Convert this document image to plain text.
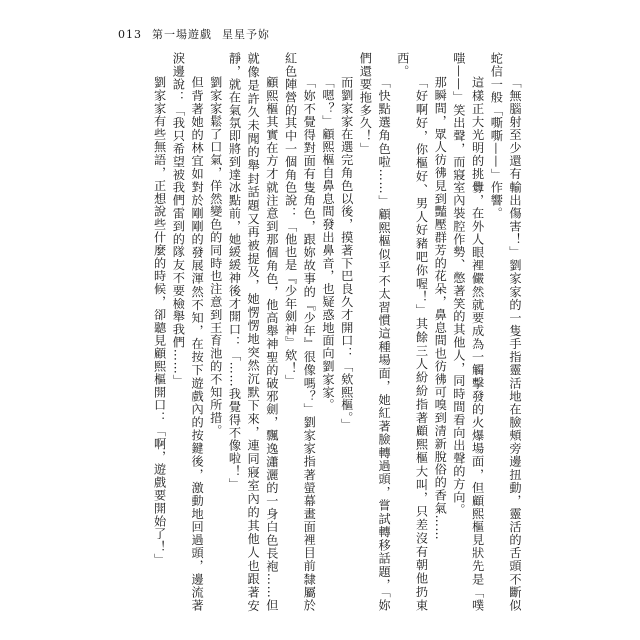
013 第一場遊戲 星星予妳

「無腦射至少還有輸出傷害！」劉家家的一隻手指靈活地在臉頰旁邊扭動，靈活的舌頭不斷似蛇信一般「嘶嘶——」作響。

這樣正大光明的挑釁，在外人眼裡儼然就要成為一觸擊發的火爆場面，但顧熙樞見狀先是「噗嗤——」笑出聲，而寢室內裝腔作勢、憋著笑的其他人，同時間看向出聲的方向。

那瞬間，眾人彷彿見到豔壓群芳的花朵，鼻息間也彷彿可嗅到清新脫俗的香氣……

「好啊好，你樞好、男人好豬吧你喔！」其餘三人紛紛指著顧熙樞大叫，只差沒有朝他扔東西。

「快點選角色啦……」顧熙樞似乎不太習慣這種場面，她紅著臉轉過頭，嘗試轉移話題，「妳們還要拖多久！」

而劉家家在選完角色以後，摸著下巴良久才開口：「欸熙樞。」

「嗯？」顧熙樞自鼻息間發出鼻音，也疑惑地面向劉家家。

「妳不覺得對面有隻角色，跟妳故事的『少年』很像嗎？」劉家家指著螢幕畫面裡目前隸屬於紅色陣營的其中一個角色說：「他也是『少年劍神』欸！」

顧熙樞其實在方才就注意到那個角色，他高舉神聖的破邪劍，飄逸瀟灑的一身白色長袍……但就像是許久未聞的舉封話題又再被提及，她愣愣地突然沉默下來，連同寢室內的其他人也跟著安靜，就在氣氛即將到達冰點前，她緩緩神後才開口：「……我覺得不像啦！」

劉家家鬆了口氣，佯然變色的同時也注意到王育池的不知所措。

但背著她的林宜如對於剛剛的發展渾然不知，在按下遊戲內的按鍵後，激動地回過頭，邊流著淚邊說：「我只希望被我們雷到的隊友不要檢舉我們……」

劉家家有些無語，正想說些什麼的時候，卻聽見顧熙樞開口：「啊，遊戲要開始了！」
